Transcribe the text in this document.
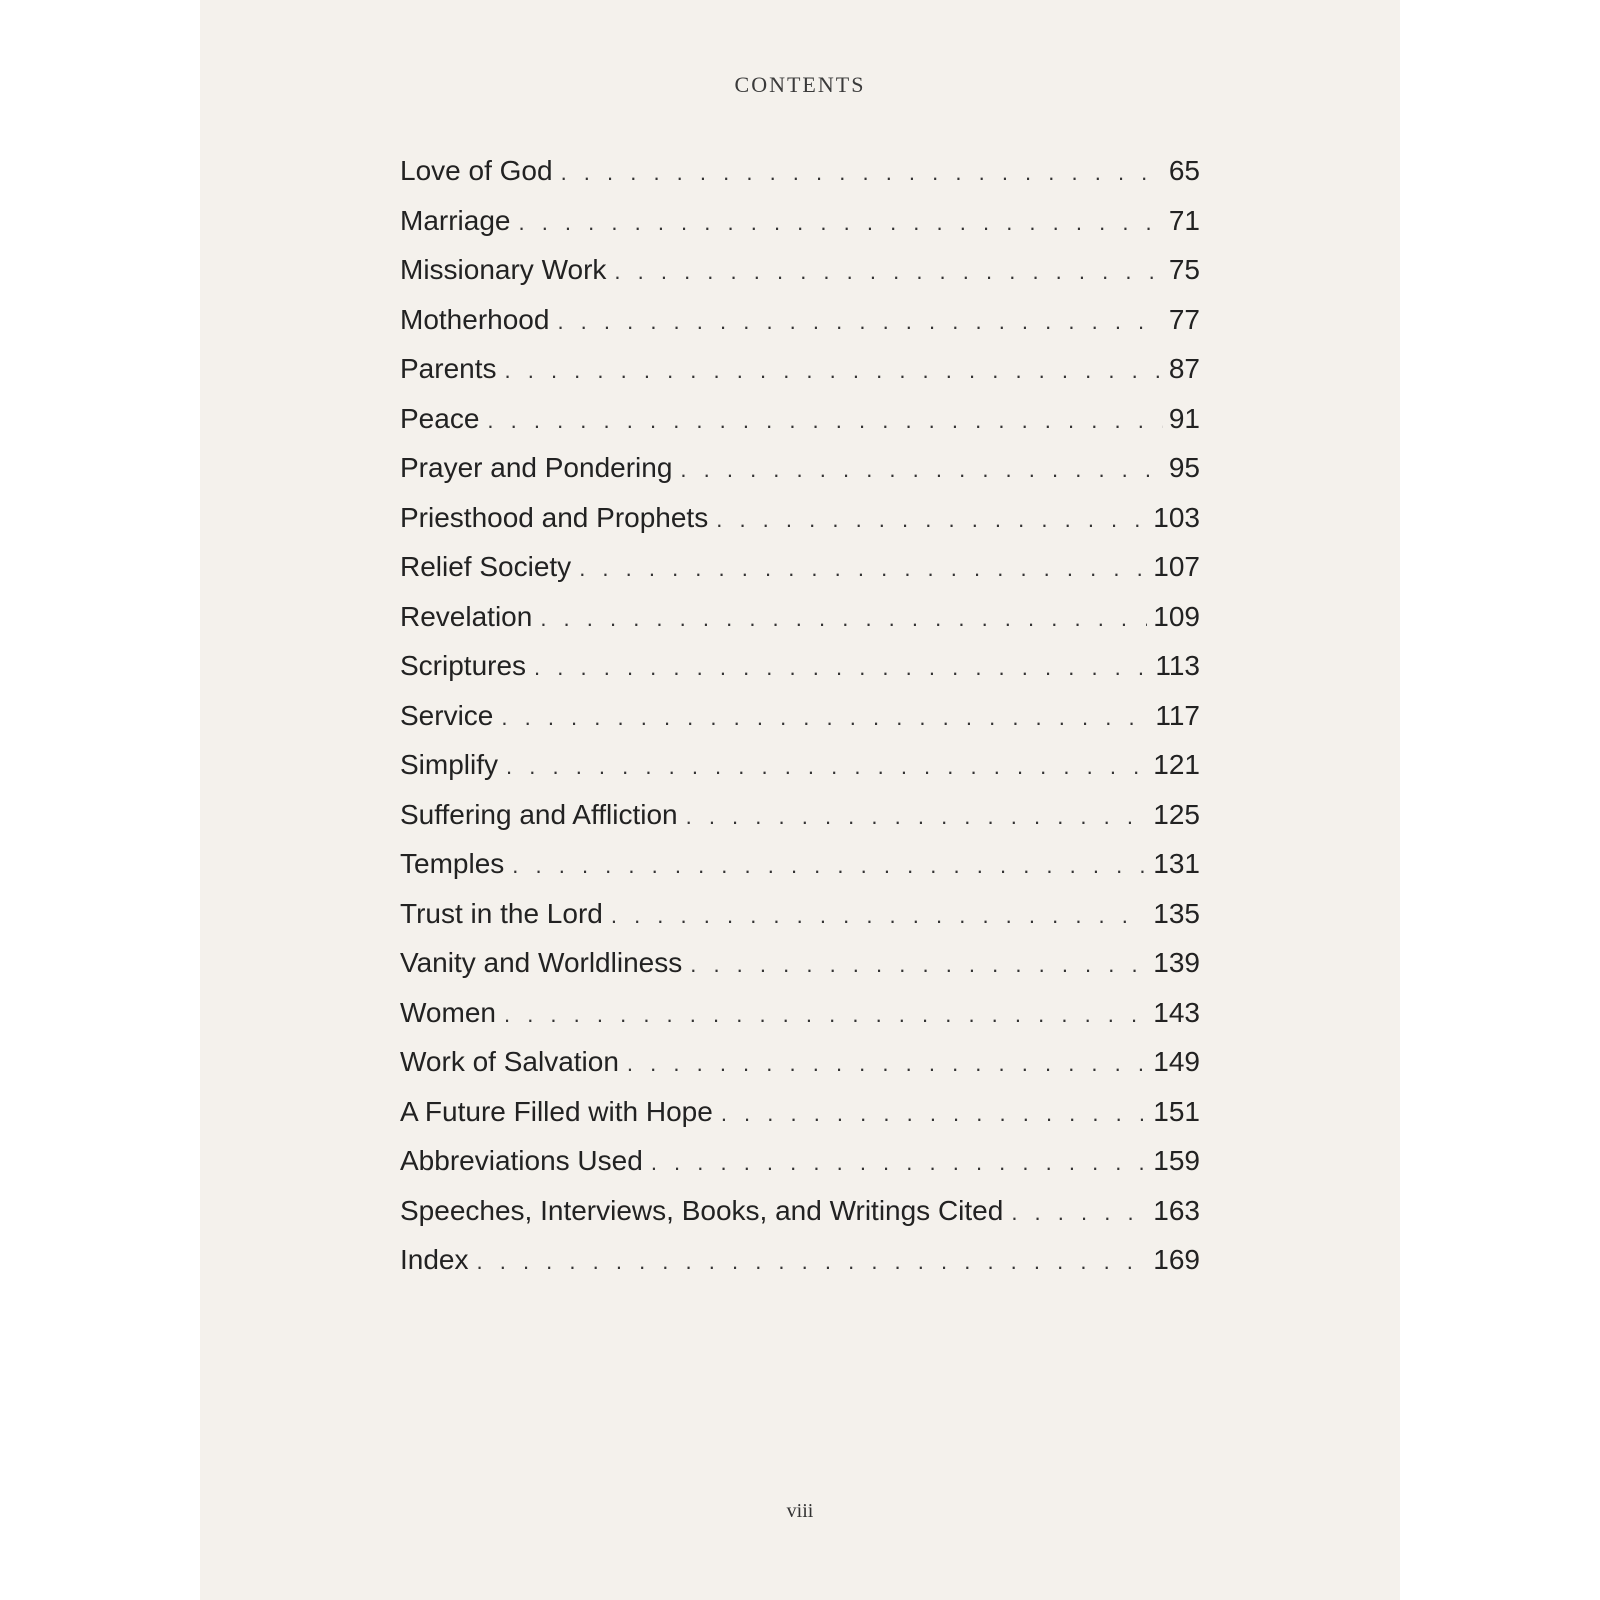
CONTENTS
Love of God . . .	65
Marriage . . .	71
Missionary Work . . .	75
Motherhood . . .	77
Parents . . .	87
Peace . . .	91
Prayer and Pondering . . .	95
Priesthood and Prophets . . .	103
Relief Society . . .	107
Revelation . . .	109
Scriptures . . .	113
Service . . .	117
Simplify . . .	121
Suffering and Affliction . . .	125
Temples . . .	131
Trust in the Lord . . .	135
Vanity and Worldliness . . .	139
Women . . .	143
Work of Salvation . . .	149
A Future Filled with Hope . . .	151
Abbreviations Used . . .	159
Speeches, Interviews, Books, and Writings Cited . . .	163
Index . . .	169
viii
